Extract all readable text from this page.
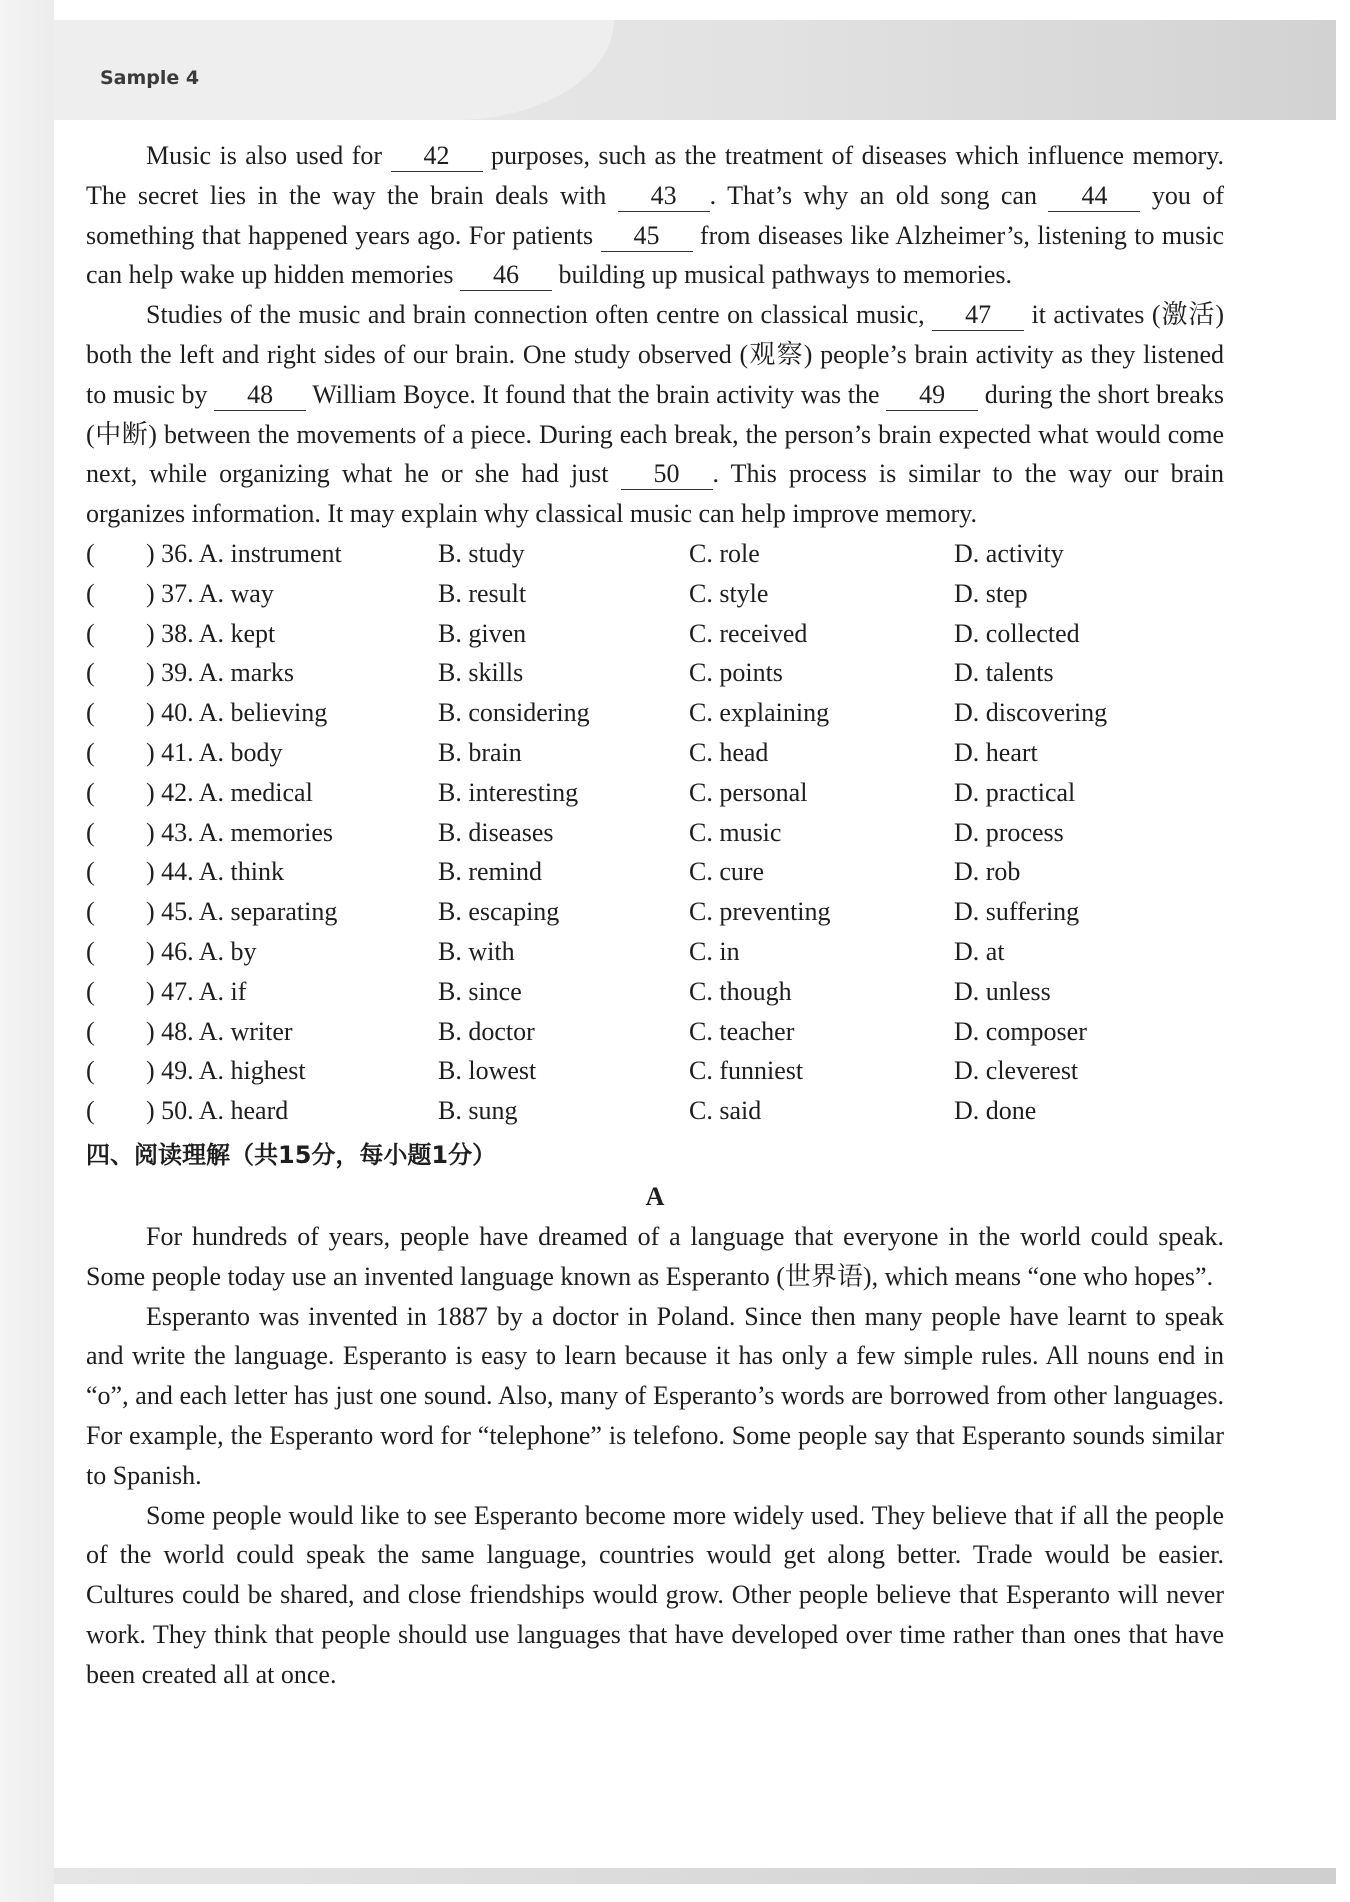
Sample 4

Music is also used for 42 purposes, such as the treatment of diseases which influence memory. The secret lies in the way the brain deals with 43 . That’s why an old song can 44 you of something that happened years ago. For patients 45 from diseases like Alzheimer’s, listening to music can help wake up hidden memories 46 building up musical pathways to memories.

Studies of the music and brain connection often centre on classical music, 47 it activates (激活) both the left and right sides of our brain. One study observed (观察) people’s brain activity as they listened to music by 48 William Boyce. It found that the brain activity was the 49 during the short breaks (中断) between the movements of a piece. During each break, the person’s brain expected what would come next, while organizing what he or she had just 50 . This process is similar to the way our brain organizes information. It may explain why classical music can help improve memory.

( ) 36. A. instrument	B. study	C. role	D. activity
( ) 37. A. way	B. result	C. style	D. step
( ) 38. A. kept	B. given	C. received	D. collected
( ) 39. A. marks	B. skills	C. points	D. talents
( ) 40. A. believing	B. considering	C. explaining	D. discovering
( ) 41. A. body	B. brain	C. head	D. heart
( ) 42. A. medical	B. interesting	C. personal	D. practical
( ) 43. A. memories	B. diseases	C. music	D. process
( ) 44. A. think	B. remind	C. cure	D. rob
( ) 45. A. separating	B. escaping	C. preventing	D. suffering
( ) 46. A. by	B. with	C. in	D. at
( ) 47. A. if	B. since	C. though	D. unless
( ) 48. A. writer	B. doctor	C. teacher	D. composer
( ) 49. A. highest	B. lowest	C. funniest	D. cleverest
( ) 50. A. heard	B. sung	C. said	D. done
四、阅读理解（共15分，每小题1分）
A

For hundreds of years, people have dreamed of a language that everyone in the world could speak. Some people today use an invented language known as Esperanto (世界语), which means “one who hopes”.

Esperanto was invented in 1887 by a doctor in Poland. Since then many people have learnt to speak and write the language. Esperanto is easy to learn because it has only a few simple rules. All nouns end in “o”, and each letter has just one sound. Also, many of Esperanto’s words are borrowed from other languages. For example, the Esperanto word for “telephone” is telefono. Some people say that Esperanto sounds similar to Spanish.

Some people would like to see Esperanto become more widely used. They believe that if all the people of the world could speak the same language, countries would get along better. Trade would be easier. Cultures could be shared, and close friendships would grow. Other people believe that Esperanto will never work. They think that people should use languages that have developed over time rather than ones that have been created all at once.
